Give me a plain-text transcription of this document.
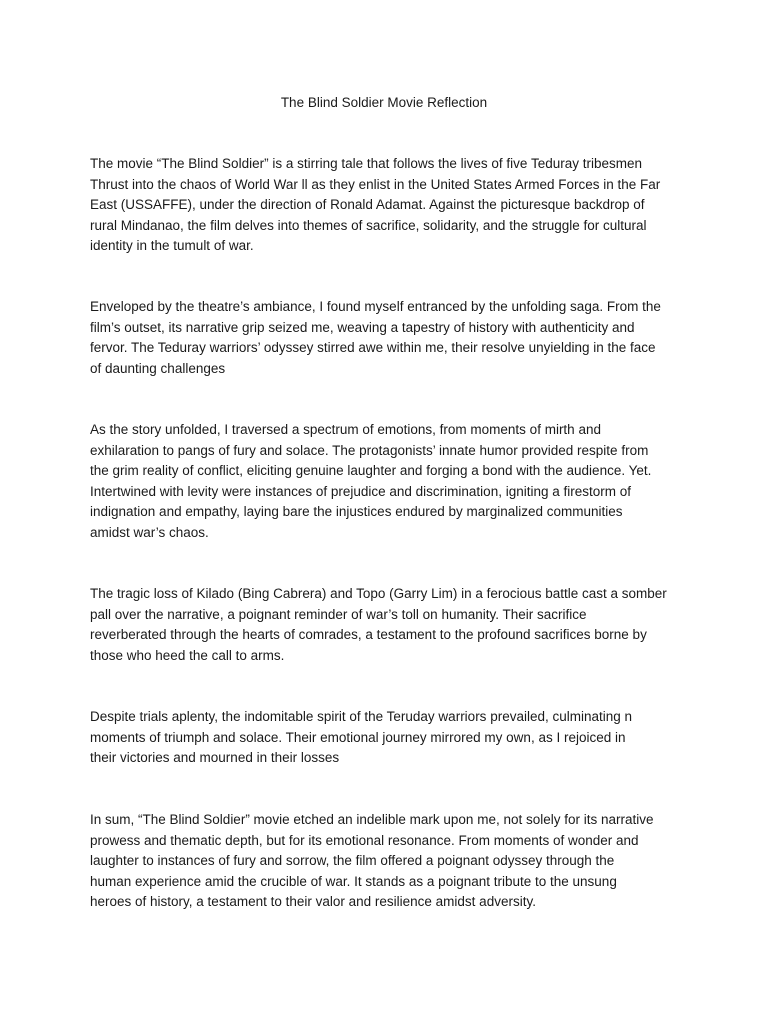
The Blind Soldier Movie Reflection

The movie “The Blind Soldier” is a stirring tale that follows the lives of five Teduray tribesmen
Thrust into the chaos of World War ll as they enlist in the United States Armed Forces in the Far
East (USSAFFE), under the direction of Ronald Adamat. Against the picturesque backdrop of
rural Mindanao, the film delves into themes of sacrifice, solidarity, and the struggle for cultural
identity in the tumult of war.

Enveloped by the theatre’s ambiance, I found myself entranced by the unfolding saga. From the
film’s outset, its narrative grip seized me, weaving a tapestry of history with authenticity and
fervor. The Teduray warriors’ odyssey stirred awe within me, their resolve unyielding in the face
of daunting challenges

As the story unfolded, I traversed a spectrum of emotions, from moments of mirth and
exhilaration to pangs of fury and solace. The protagonists’ innate humor provided respite from
the grim reality of conflict, eliciting genuine laughter and forging a bond with the audience. Yet.
Intertwined with levity were instances of prejudice and discrimination, igniting a firestorm of
indignation and empathy, laying bare the injustices endured by marginalized communities
amidst war’s chaos.

The tragic loss of Kilado (Bing Cabrera) and Topo (Garry Lim) in a ferocious battle cast a somber
pall over the narrative, a poignant reminder of war’s toll on humanity. Their sacrifice
reverberated through the hearts of comrades, a testament to the profound sacrifices borne by
those who heed the call to arms.

Despite trials aplenty, the indomitable spirit of the Teruday warriors prevailed, culminating n
moments of triumph and solace. Their emotional journey mirrored my own, as I rejoiced in
their victories and mourned in their losses

In sum, “The Blind Soldier” movie etched an indelible mark upon me, not solely for its narrative
prowess and thematic depth, but for its emotional resonance. From moments of wonder and
laughter to instances of fury and sorrow, the film offered a poignant odyssey through the
human experience amid the crucible of war. It stands as a poignant tribute to the unsung
heroes of history, a testament to their valor and resilience amidst adversity.
